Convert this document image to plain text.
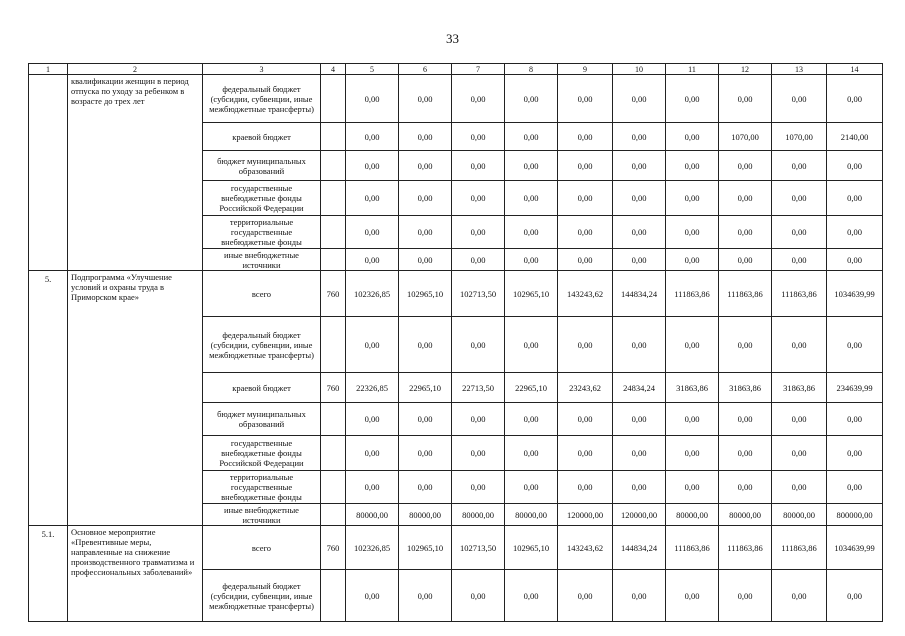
33
1	2	3	4	5	6	7	8	9	10	11	12	13	14
	квалификации женщин в период отпуска по уходу за ребенком в возрасте до трех лет	федеральный бюджет (субсидии, субвенции, иные межбюджетные трансферты)		0,00	0,00	0,00	0,00	0,00	0,00	0,00	0,00	0,00	0,00
		краевой бюджет		0,00	0,00	0,00	0,00	0,00	0,00	0,00	1070,00	1070,00	2140,00
		бюджет муниципальных образований		0,00	0,00	0,00	0,00	0,00	0,00	0,00	0,00	0,00	0,00
		государственные внебюджетные фонды Российской Федерации		0,00	0,00	0,00	0,00	0,00	0,00	0,00	0,00	0,00	0,00
		территориальные государственные внебюджетные фонды		0,00	0,00	0,00	0,00	0,00	0,00	0,00	0,00	0,00	0,00
		иные внебюджетные источники		0,00	0,00	0,00	0,00	0,00	0,00	0,00	0,00	0,00	0,00
5.	Подпрограмма «Улучшение условий и охраны труда в Приморском крае»	всего	760	102326,85	102965,10	102713,50	102965,10	143243,62	144834,24	111863,86	111863,86	111863,86	1034639,99
		федеральный бюджет (субсидии, субвенции, иные межбюджетные трансферты)		0,00	0,00	0,00	0,00	0,00	0,00	0,00	0,00	0,00	0,00
		краевой бюджет	760	22326,85	22965,10	22713,50	22965,10	23243,62	24834,24	31863,86	31863,86	31863,86	234639,99
		бюджет муниципальных образований		0,00	0,00	0,00	0,00	0,00	0,00	0,00	0,00	0,00	0,00
		государственные внебюджетные фонды Российской Федерации		0,00	0,00	0,00	0,00	0,00	0,00	0,00	0,00	0,00	0,00
		территориальные государственные внебюджетные фонды		0,00	0,00	0,00	0,00	0,00	0,00	0,00	0,00	0,00	0,00
		иные внебюджетные источники		80000,00	80000,00	80000,00	80000,00	120000,00	120000,00	80000,00	80000,00	80000,00	800000,00
5.1.	Основное мероприятие «Превентивные меры, направленные на снижение производственного травматизма и профессиональных заболеваний»	всего	760	102326,85	102965,10	102713,50	102965,10	143243,62	144834,24	111863,86	111863,86	111863,86	1034639,99
		федеральный бюджет (субсидии, субвенции, иные межбюджетные трансферты)		0,00	0,00	0,00	0,00	0,00	0,00	0,00	0,00	0,00	0,00
